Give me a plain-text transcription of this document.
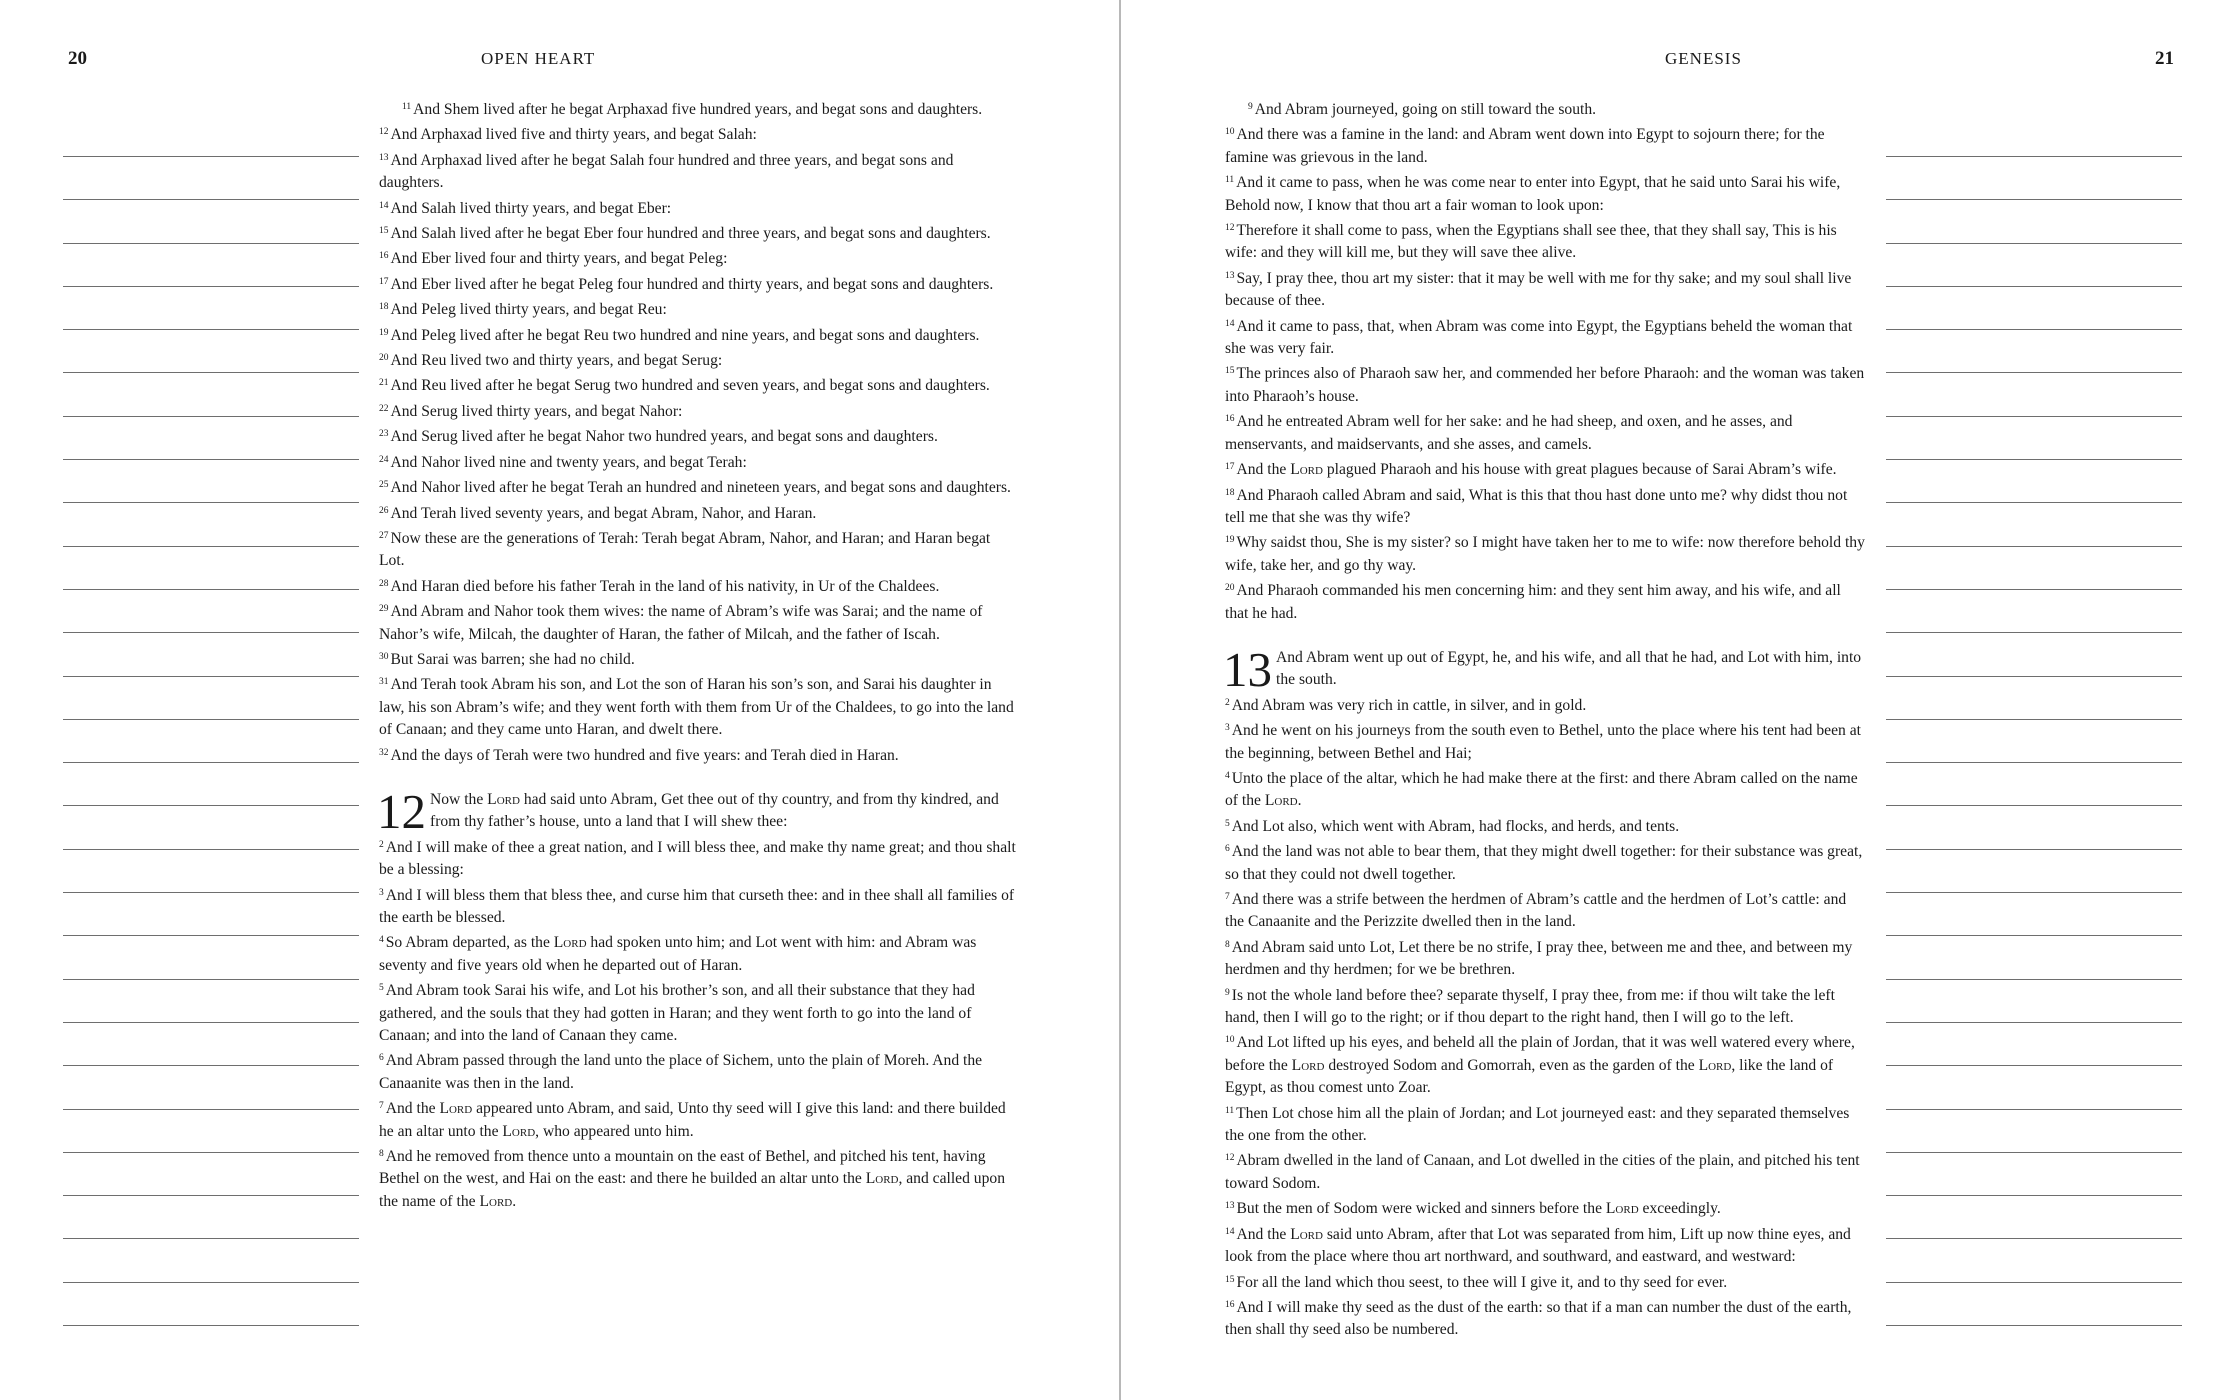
20	OPEN HEART

$^{11}$ And Shem lived after he begat Arphaxad five hundred years, and begat sons and daughters.

$^{12}$ And Arphaxad lived five and thirty years, and begat Salah:

$^{13}$ And Arphaxad lived after he begat Salah four hundred and three years, and begat sons and daughters.

$^{14}$ And Salah lived thirty years, and begat Eber:

$^{15}$ And Salah lived after he begat Eber four hundred and three years, and begat sons and daughters.

$^{16}$ And Eber lived four and thirty years, and begat Peleg:

$^{17}$ And Eber lived after he begat Peleg four hundred and thirty years, and begat sons and daughters.

$^{18}$ And Peleg lived thirty years, and begat Reu:

$^{19}$ And Peleg lived after he begat Reu two hundred and nine years, and begat sons and daughters.

$^{20}$ And Reu lived two and thirty years, and begat Serug:

$^{21}$ And Reu lived after he begat Serug two hundred and seven years, and begat sons and daughters.

$^{22}$ And Serug lived thirty years, and begat Nahor:

$^{23}$ And Serug lived after he begat Nahor two hundred years, and begat sons and daughters.

$^{24}$ And Nahor lived nine and twenty years, and begat Terah:

$^{25}$ And Nahor lived after he begat Terah an hundred and nineteen years, and begat sons and daughters.

$^{26}$ And Terah lived seventy years, and begat Abram, Nahor, and Haran.

$^{27}$ Now these are the generations of Terah: Terah begat Abram, Nahor, and Haran; and Haran begat Lot.

$^{28}$ And Haran died before his father Terah in the land of his nativity, in Ur of the Chaldees.

$^{29}$ And Abram and Nahor took them wives: the name of Abram’s wife was Sarai; and the name of Nahor’s wife, Milcah, the daughter of Haran, the father of Milcah, and the father of Iscah.

$^{30}$ But Sarai was barren; she had no child.

$^{31}$ And Terah took Abram his son, and Lot the son of Haran his son’s son, and Sarai his daughter in law, his son Abram’s wife; and they went forth with them from Ur of the Chaldees, to go into the land of Canaan; and they came unto Haran, and dwelt there.

$^{32}$ And the days of Terah were two hundred and five years: and Terah died in Haran.

12 Now the Lord had said unto Abram, Get thee out of thy country, and from thy kindred, and from thy father’s house, unto a land that I will shew thee:

$^2$ And I will make of thee a great nation, and I will bless thee, and make thy name great; and thou shalt be a blessing:

$^3$ And I will bless them that bless thee, and curse him that curseth thee: and in thee shall all families of the earth be blessed.

$^4$ So Abram departed, as the Lord had spoken unto him; and Lot went with him: and Abram was seventy and five years old when he departed out of Haran.

$^5$ And Abram took Sarai his wife, and Lot his brother’s son, and all their substance that they had gathered, and the souls that they had gotten in Haran; and they went forth to go into the land of Canaan; and into the land of Canaan they came.

$^6$ And Abram passed through the land unto the place of Sichem, unto the plain of Moreh. And the Canaanite was then in the land.

$^7$ And the Lord appeared unto Abram, and said, Unto thy seed will I give this land: and there builded he an altar unto the Lord, who appeared unto him.

$^8$ And he removed from thence unto a mountain on the east of Bethel, and pitched his tent, having Bethel on the west, and Hai on the east: and there he builded an altar unto the Lord, and called upon the name of the Lord.

GENESIS	21

$^9$ And Abram journeyed, going on still toward the south.

$^{10}$ And there was a famine in the land: and Abram went down into Egypt to sojourn there; for the famine was grievous in the land.

$^{11}$ And it came to pass, when he was come near to enter into Egypt, that he said unto Sarai his wife, Behold now, I know that thou art a fair woman to look upon:

$^{12}$ Therefore it shall come to pass, when the Egyptians shall see thee, that they shall say, This is his wife: and they will kill me, but they will save thee alive.

$^{13}$ Say, I pray thee, thou art my sister: that it may be well with me for thy sake; and my soul shall live because of thee.

$^{14}$ And it came to pass, that, when Abram was come into Egypt, the Egyptians beheld the woman that she was very fair.

$^{15}$ The princes also of Pharaoh saw her, and commended her before Pharaoh: and the woman was taken into Pharaoh’s house.

$^{16}$ And he entreated Abram well for her sake: and he had sheep, and oxen, and he asses, and menservants, and maidservants, and she asses, and camels.

$^{17}$ And the Lord plagued Pharaoh and his house with great plagues because of Sarai Abram’s wife.

$^{18}$ And Pharaoh called Abram and said, What is this that thou hast done unto me? why didst thou not tell me that she was thy wife?

$^{19}$ Why saidst thou, She is my sister? so I might have taken her to me to wife: now therefore behold thy wife, take her, and go thy way.

$^{20}$ And Pharaoh commanded his men concerning him: and they sent him away, and his wife, and all that he had.

13 And Abram went up out of Egypt, he, and his wife, and all that he had, and Lot with him, into the south.

$^2$ And Abram was very rich in cattle, in silver, and in gold.

$^3$ And he went on his journeys from the south even to Bethel, unto the place where his tent had been at the beginning, between Bethel and Hai;

$^4$ Unto the place of the altar, which he had make there at the first: and there Abram called on the name of the Lord.

$^5$ And Lot also, which went with Abram, had flocks, and herds, and tents.

$^6$ And the land was not able to bear them, that they might dwell together: for their substance was great, so that they could not dwell together.

$^7$ And there was a strife between the herdmen of Abram’s cattle and the herdmen of Lot’s cattle: and the Canaanite and the Perizzite dwelled then in the land.

$^8$ And Abram said unto Lot, Let there be no strife, I pray thee, between me and thee, and between my herdmen and thy herdmen; for we be brethren.

$^9$ Is not the whole land before thee? separate thyself, I pray thee, from me: if thou wilt take the left hand, then I will go to the right; or if thou depart to the right hand, then I will go to the left.

$^{10}$ And Lot lifted up his eyes, and beheld all the plain of Jordan, that it was well watered every where, before the Lord destroyed Sodom and Gomorrah, even as the garden of the Lord, like the land of Egypt, as thou comest unto Zoar.

$^{11}$ Then Lot chose him all the plain of Jordan; and Lot journeyed east: and they separated themselves the one from the other.

$^{12}$ Abram dwelled in the land of Canaan, and Lot dwelled in the cities of the plain, and pitched his tent toward Sodom.

$^{13}$ But the men of Sodom were wicked and sinners before the Lord exceedingly.

$^{14}$ And the Lord said unto Abram, after that Lot was separated from him, Lift up now thine eyes, and look from the place where thou art northward, and southward, and eastward, and westward:

$^{15}$ For all the land which thou seest, to thee will I give it, and to thy seed for ever.

$^{16}$ And I will make thy seed as the dust of the earth: so that if a man can number the dust of the earth, then shall thy seed also be numbered.
